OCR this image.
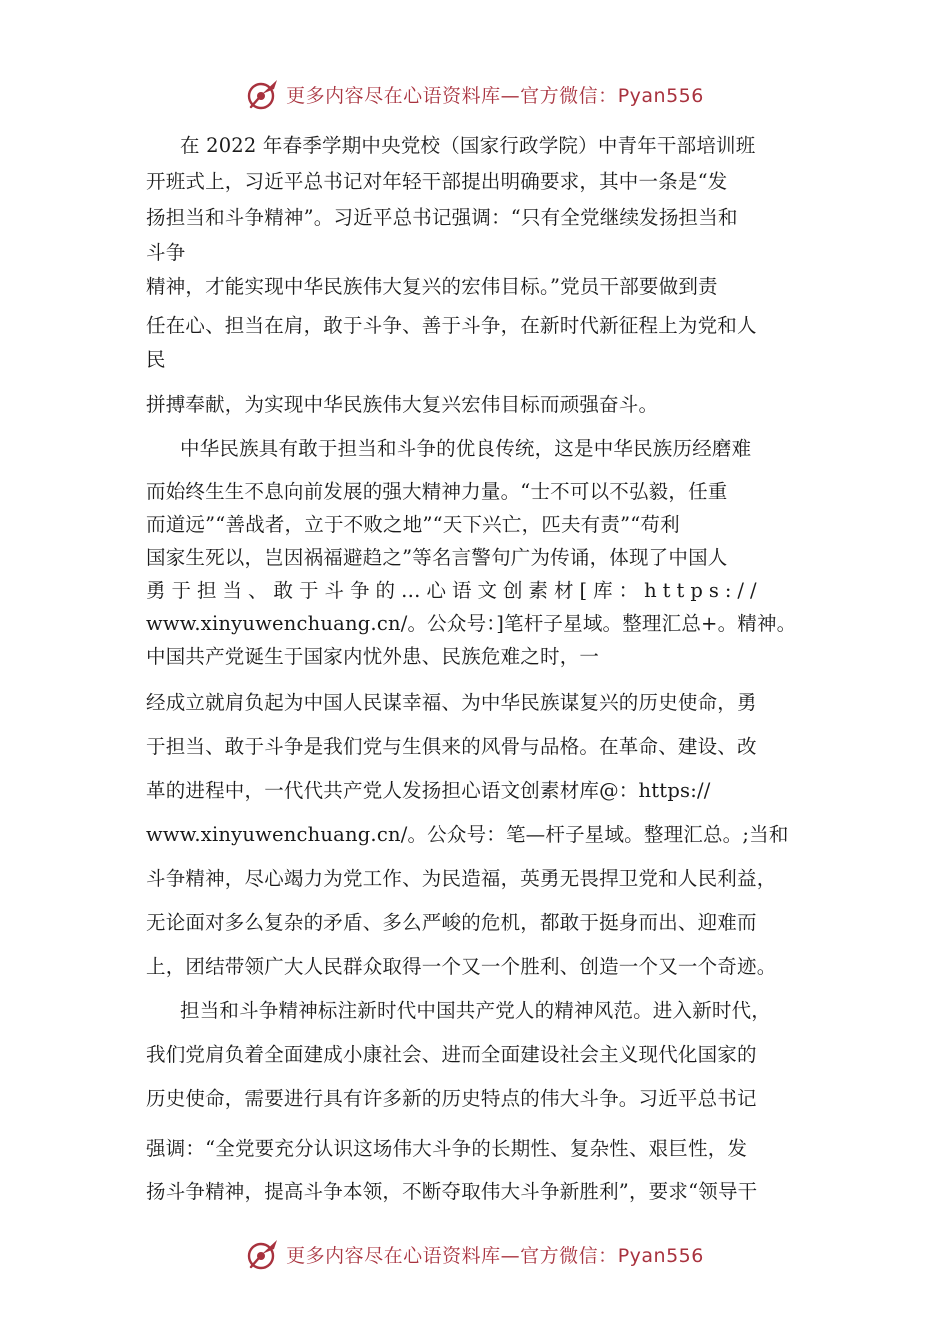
更多内容尽在心语资料库—官方微信：Pyan556
在 2022 年春季学期中央党校（国家行政学院）中青年干部培训班
开班式上，习近平总书记对年轻干部提出明确要求，其中一条是“发
扬担当和斗争精神”。习近平总书记强调：“只有全党继续发扬担当和
斗争
精神，才能实现中华民族伟大复兴的宏伟目标。”党员干部要做到责
任在心、担当在肩，敢于斗争、善于斗争，在新时代新征程上为党和人
民
拼搏奉献，为实现中华民族伟大复兴宏伟目标而顽强奋斗。
中华民族具有敢于担当和斗争的优良传统，这是中华民族历经磨难
而始终生生不息向前发展的强大精神力量。“士不可以不弘毅，任重
而道远”“善战者，立于不败之地”“天下兴亡，匹夫有责”“苟利
国家生死以，岂因祸福避趋之”等名言警句广为传诵，体现了中国人
勇于担当、敢于斗争的…心语文创素材[库：https://
www.xinyuwenchuang.cn/。公众号：]笔杆子星域。整理汇总+。精神。
中国共产党诞生于国家内忧外患、民族危难之时，一
经成立就肩负起为中国人民谋幸福、为中华民族谋复兴的历史使命，勇
于担当、敢于斗争是我们党与生俱来的风骨与品格。在革命、建设、改
革的进程中，一代代共产党人发扬担心语文创素材库@：https://
www.xinyuwenchuang.cn/。公众号：笔—杆子星域。整理汇总。;当和
斗争精神，尽心竭力为党工作、为民造福，英勇无畏捍卫党和人民利益，
无论面对多么复杂的矛盾、多么严峻的危机，都敢于挺身而出、迎难而
上，团结带领广大人民群众取得一个又一个胜利、创造一个又一个奇迹。
担当和斗争精神标注新时代中国共产党人的精神风范。进入新时代，
我们党肩负着全面建成小康社会、进而全面建设社会主义现代化国家的
历史使命，需要进行具有许多新的历史特点的伟大斗争。习近平总书记
强调：“全党要充分认识这场伟大斗争的长期性、复杂性、艰巨性，发
扬斗争精神，提高斗争本领，不断夺取伟大斗争新胜利”，要求“领导干
更多内容尽在心语资料库—官方微信：Pyan556
